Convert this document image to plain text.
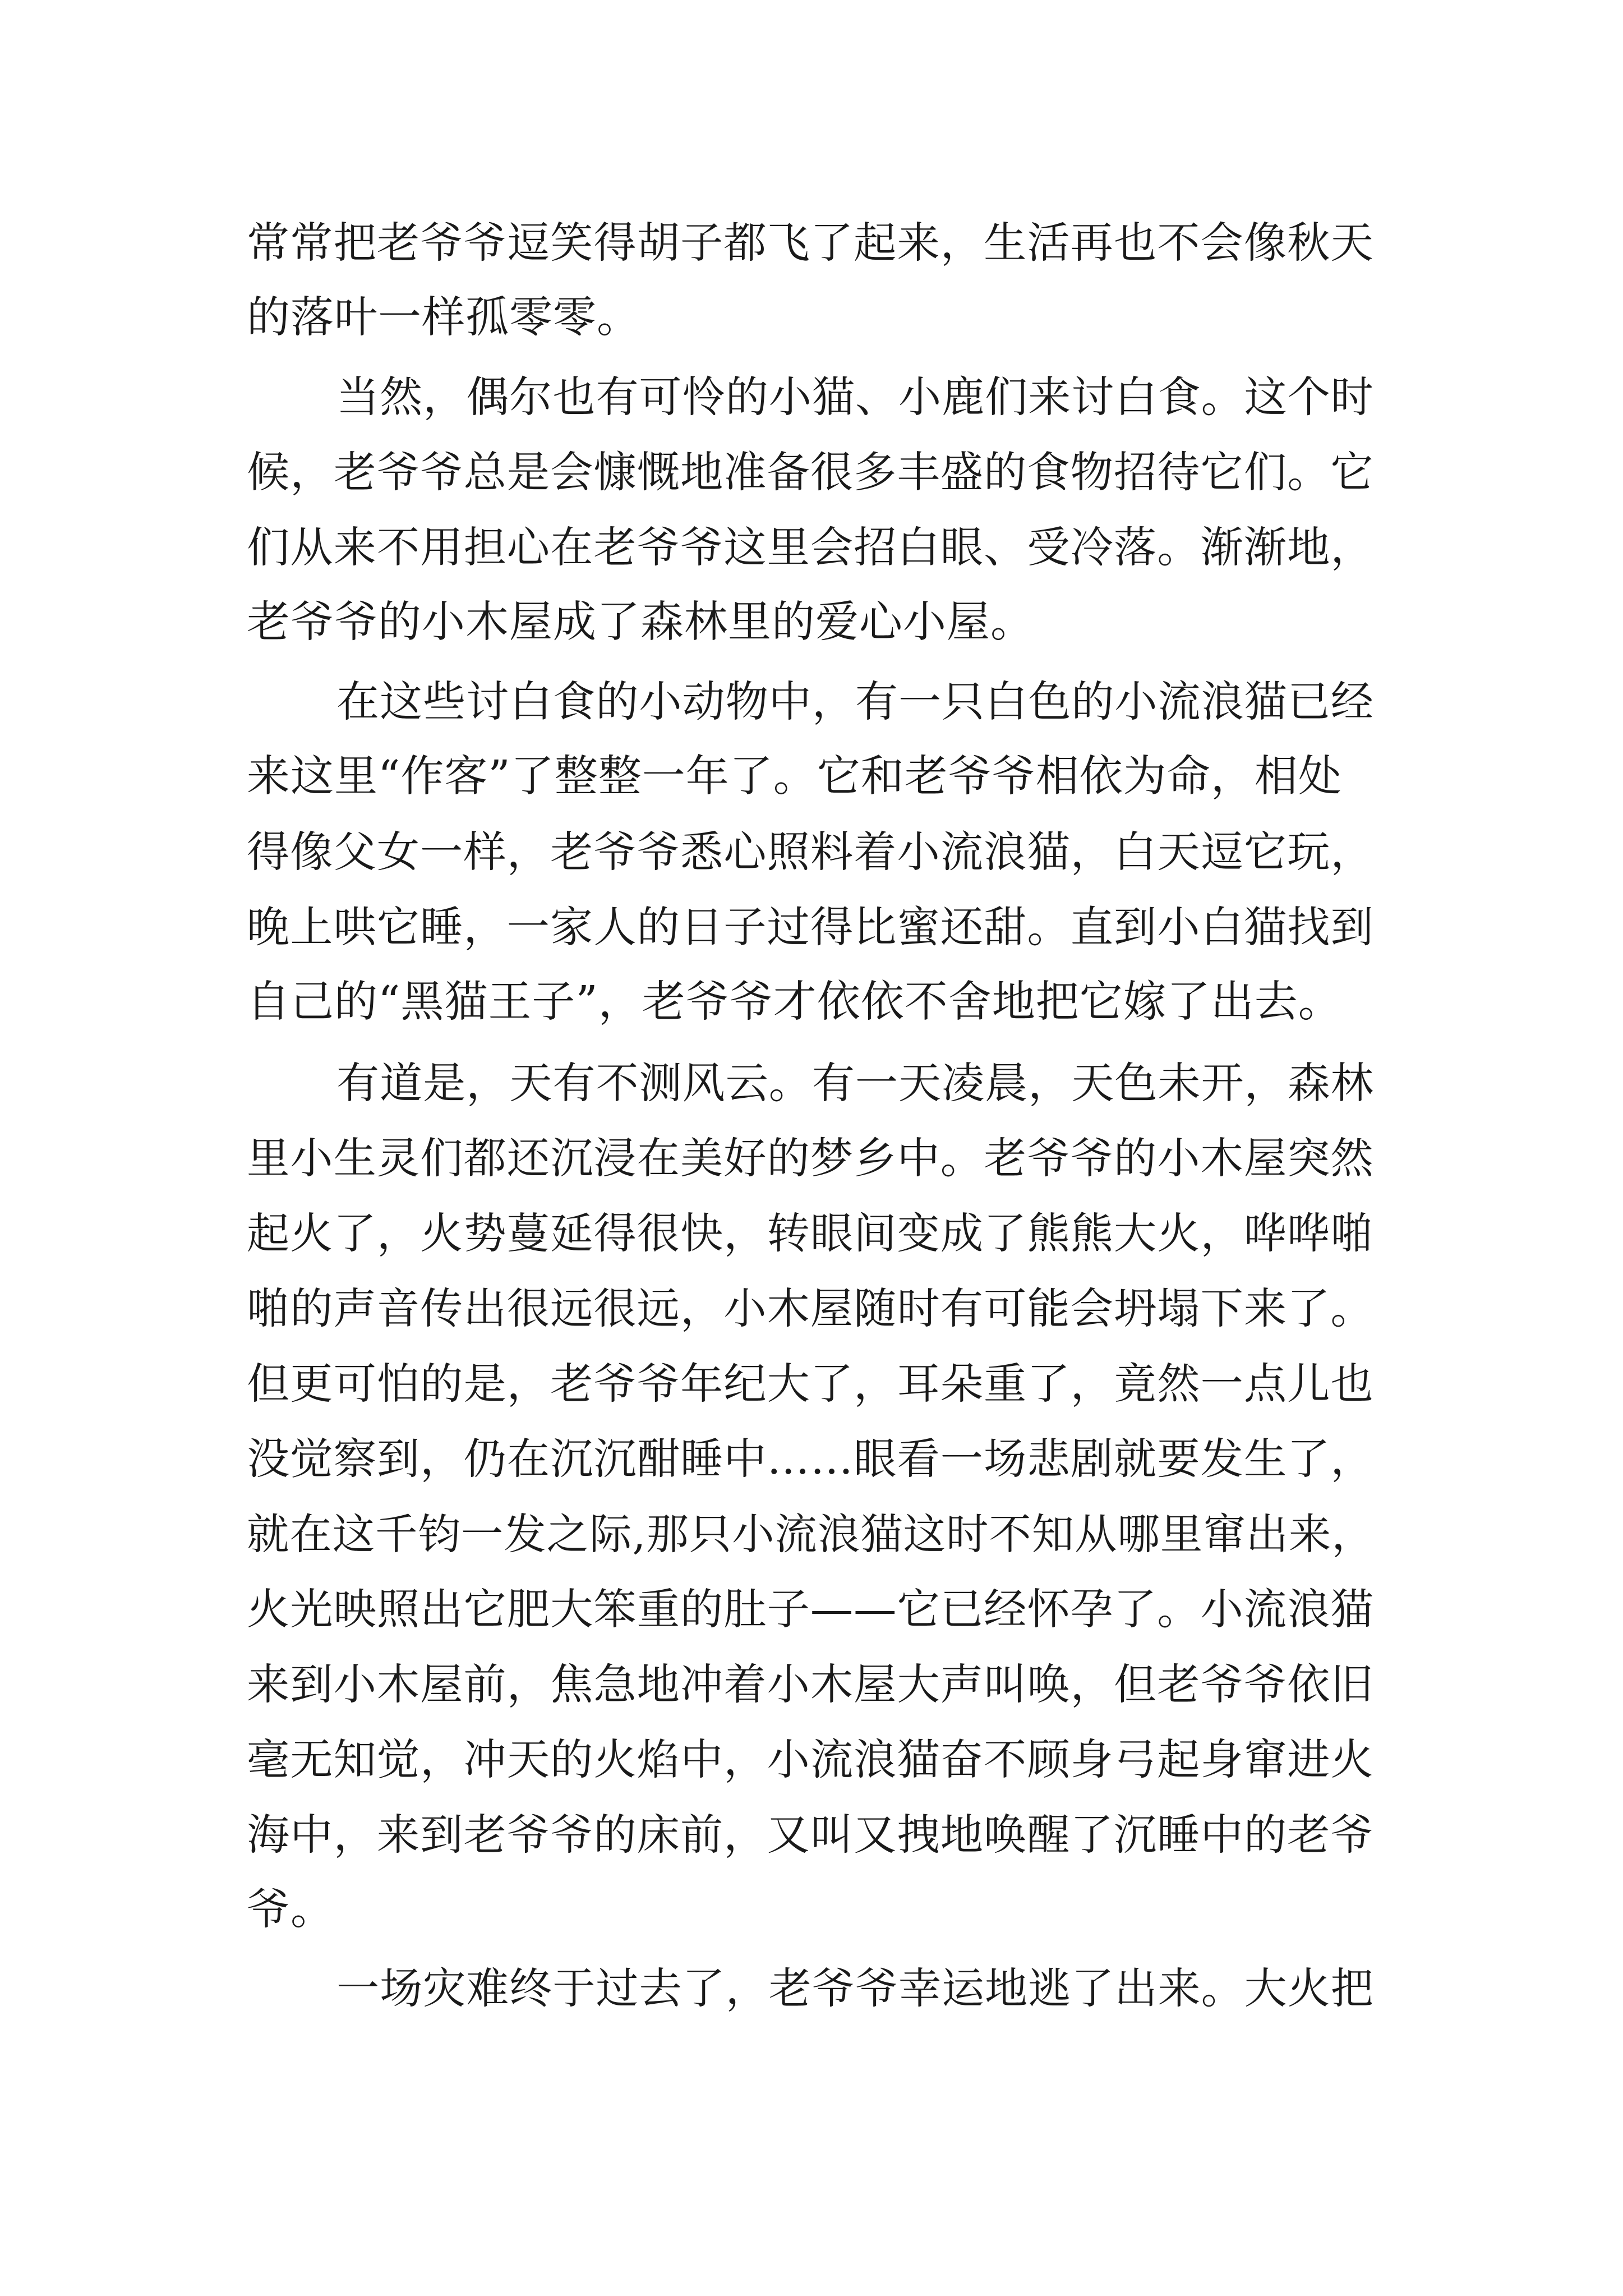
常常把老爷爷逗笑得胡子都飞了起来，生活再也不会像秋天
的落叶一样孤零零。
当然，偶尔也有可怜的小猫、小鹿们来讨白食。这个时
候，老爷爷总是会慷慨地准备很多丰盛的食物招待它们。它
们从来不用担心在老爷爷这里会招白眼、受冷落。渐渐地，
老爷爷的小木屋成了森林里的爱心小屋。
在这些讨白食的小动物中，有一只白色的小流浪猫已经
来这里“作客”了整整一年了。它和老爷爷相依为命，相处
得像父女一样，老爷爷悉心照料着小流浪猫，白天逗它玩，
晚上哄它睡，一家人的日子过得比蜜还甜。直到小白猫找到
自己的“黑猫王子”，老爷爷才依依不舍地把它嫁了出去。
有道是，天有不测风云。有一天凌晨，天色未开，森林
里小生灵们都还沉浸在美好的梦乡中。老爷爷的小木屋突然
起火了，火势蔓延得很快，转眼间变成了熊熊大火，哗哗啪
啪的声音传出很远很远，小木屋随时有可能会坍塌下来了。
但更可怕的是，老爷爷年纪大了，耳朵重了，竟然一点儿也
没觉察到，仍在沉沉酣睡中……眼看一场悲剧就要发生了，
就在这千钧一发之际,那只小流浪猫这时不知从哪里窜出来，
火光映照出它肥大笨重的肚子——它已经怀孕了。小流浪猫
来到小木屋前，焦急地冲着小木屋大声叫唤，但老爷爷依旧
毫无知觉，冲天的火焰中，小流浪猫奋不顾身弓起身窜进火
海中，来到老爷爷的床前，又叫又拽地唤醒了沉睡中的老爷
爷。
一场灾难终于过去了，老爷爷幸运地逃了出来。大火把
